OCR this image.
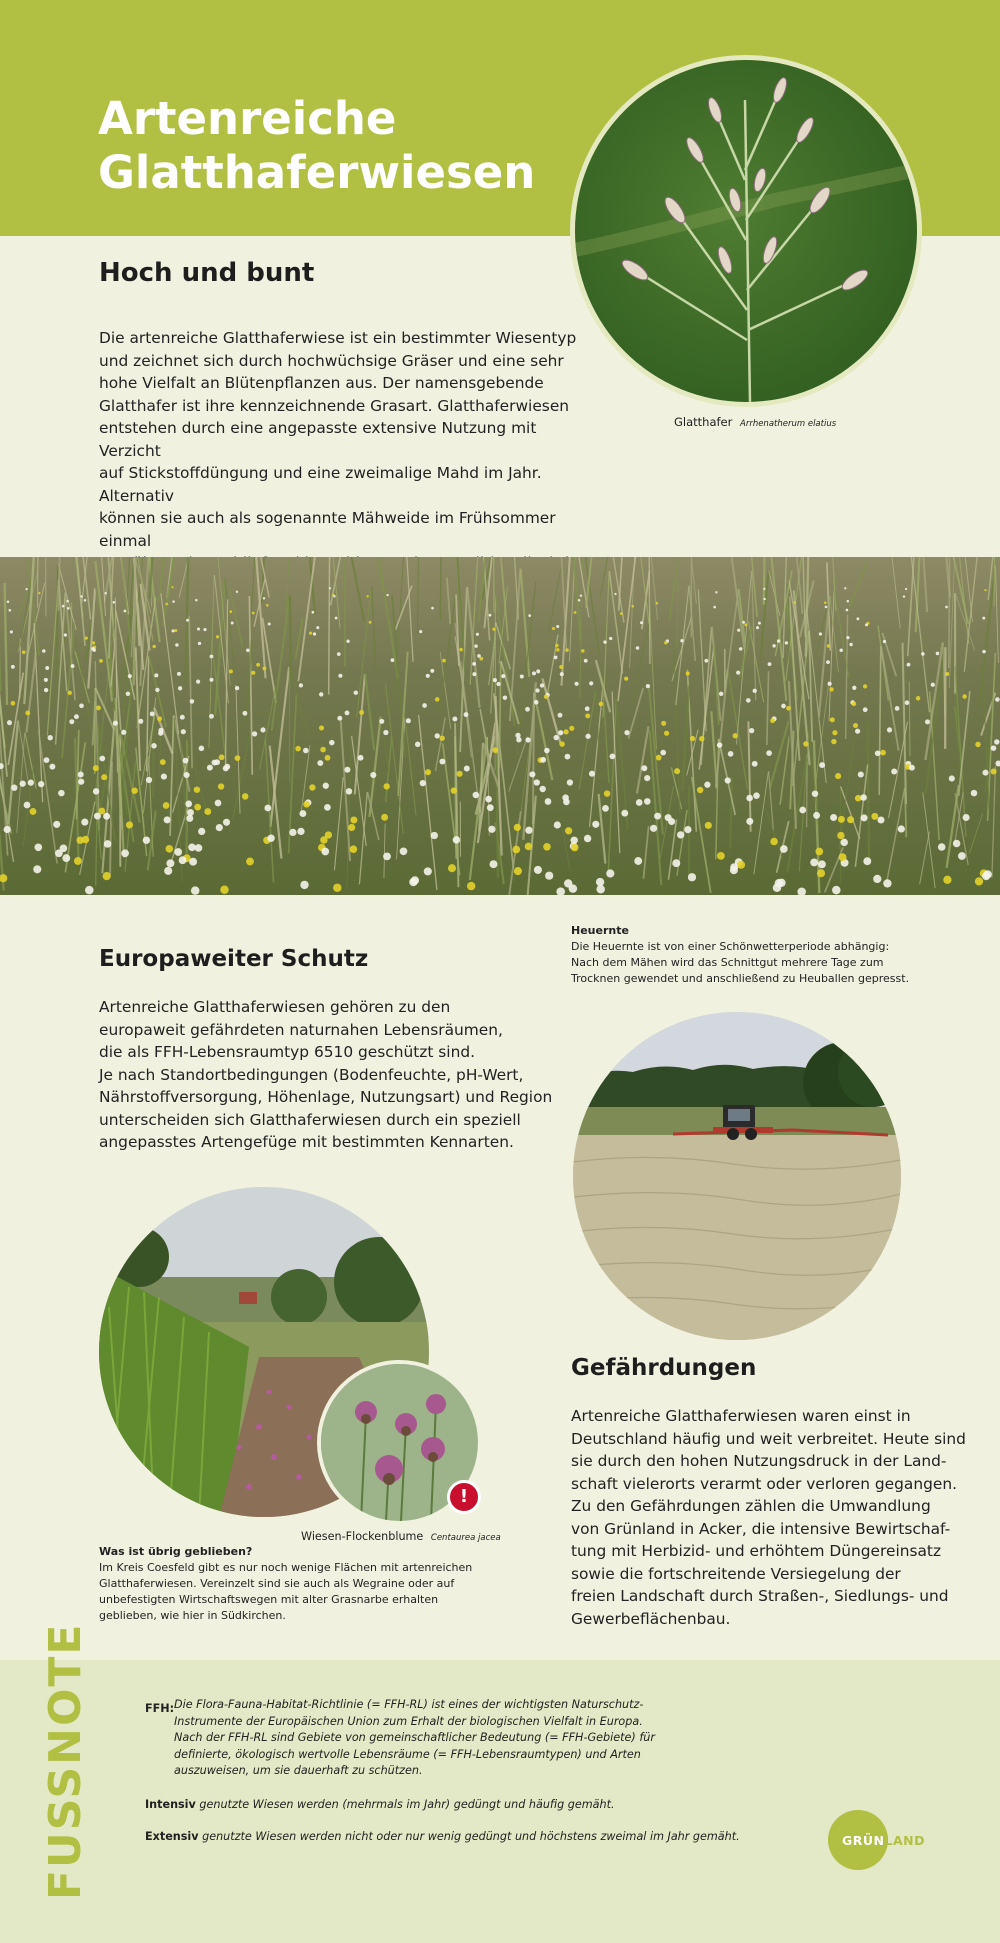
Artenreiche
Glatthaferwiesen
Glatthafer Arrhenatherum elatius
Hoch und bunt

Die artenreiche Glatthaferwiese ist ein bestimmter Wiesentyp

und zeichnet sich durch hochwüchsige Gräser und eine sehr

hohe Vielfalt an Blütenpflanzen aus. Der namensgebende

Glatthafer ist ihre kennzeichnende Grasart. Glatthaferwiesen

entstehen durch eine angepasste extensive Nutzung mit Verzicht

auf Stickstoffdüngung und eine zweimalige Mahd im Jahr. Alternativ

können sie auch als sogenannte Mähweide im Frühsommer einmal

Europaweiter Schutz

Artenreiche Glatthaferwiesen gehören zu den

europaweit gefährdeten naturnahen Lebensräumen,

die als FFH-Lebensraumtyp 6510 geschützt sind.

Je nach Standortbedingungen (Bodenfeuchte, pH-Wert,

Nährstoffversorgung, Höhenlage, Nutzungsart) und Region

unterscheiden sich Glatthaferwiesen durch ein speziell

angepasstes Artengefüge mit bestimmten Kennarten.

Heuernte

Die Heuernte ist von einer Schönwetterperiode abhängig:

Nach dem Mähen wird das Schnittgut mehrere Tage zum

Trocknen gewendet und anschließend zu Heuballen gepresst.

!
Wiesen-Flockenblume Centaurea jacea

Was ist übrig geblieben?

Im Kreis Coesfeld gibt es nur noch wenige Flächen mit artenreichen

Glatthaferwiesen. Vereinzelt sind sie auch als Wegraine oder auf

unbefestigten Wirtschaftswegen mit alter Grasnarbe erhalten

geblieben, wie hier in Südkirchen.

Gefährdungen

Artenreiche Glatthaferwiesen waren einst in

Deutschland häufig und weit verbreitet. Heute sind

sie durch den hohen Nutzungsdruck in der Land-

schaft vielerorts verarmt oder verloren gegangen.

Zu den Gefährdungen zählen die Umwandlung

von Grünland in Acker, die intensive Bewirtschaf-

tung mit Herbizid- und erhöhtem Düngereinsatz

sowie die fortschreitende Versiegelung der

freien Landschaft durch Straßen-, Siedlungs- und

Gewerbeflächenbau.

FUSSNOTE	FFH: Die Flora-Fauna-Habitat-Richtlinie (= FFH-RL) ist eines der wichtigsten Naturschutz-

Instrumente der Europäischen Union zum Erhalt der biologischen Vielfalt in Europa.

Nach der FFH-RL sind Gebiete von gemeinschaftlicher Bedeutung (= FFH-Gebiete) für

definierte, ökologisch wertvolle Lebensräume (= FFH-Lebensraumtypen) und Arten

auszuweisen, um sie dauerhaft zu schützen.

Intensiv genutzte Wiesen werden (mehrmals im Jahr) gedüngt und häufig gemäht.

Extensiv genutzte Wiesen werden nicht oder nur wenig gedüngt und höchstens zweimal im Jahr gemäht.	GRÜNLAND
